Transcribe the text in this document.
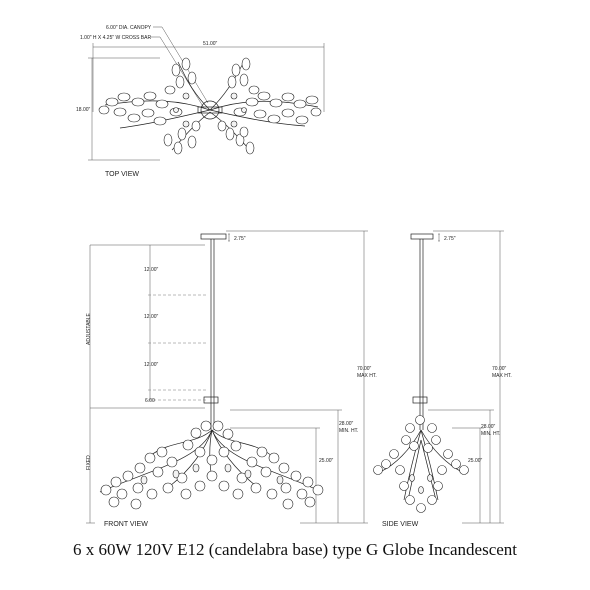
6.00" DIA. CANOPY
1.00" H X 4.25" W CROSS BAR
51.00"
18.00"
TOP VIEW
2.75"
ADJUSTABLE
FIXED
12.00"
12.00"
12.00"
6.00
70.00"
MAX HT.
28.00"
MIN. HT.
25.00"
FRONT VIEW
2.75"
70.00"
MAX HT.
28.00"
MIN. HT.
25.00"
SIDE VIEW
6 x 60W 120V E12 (candelabra base) type G Globe Incandescent
